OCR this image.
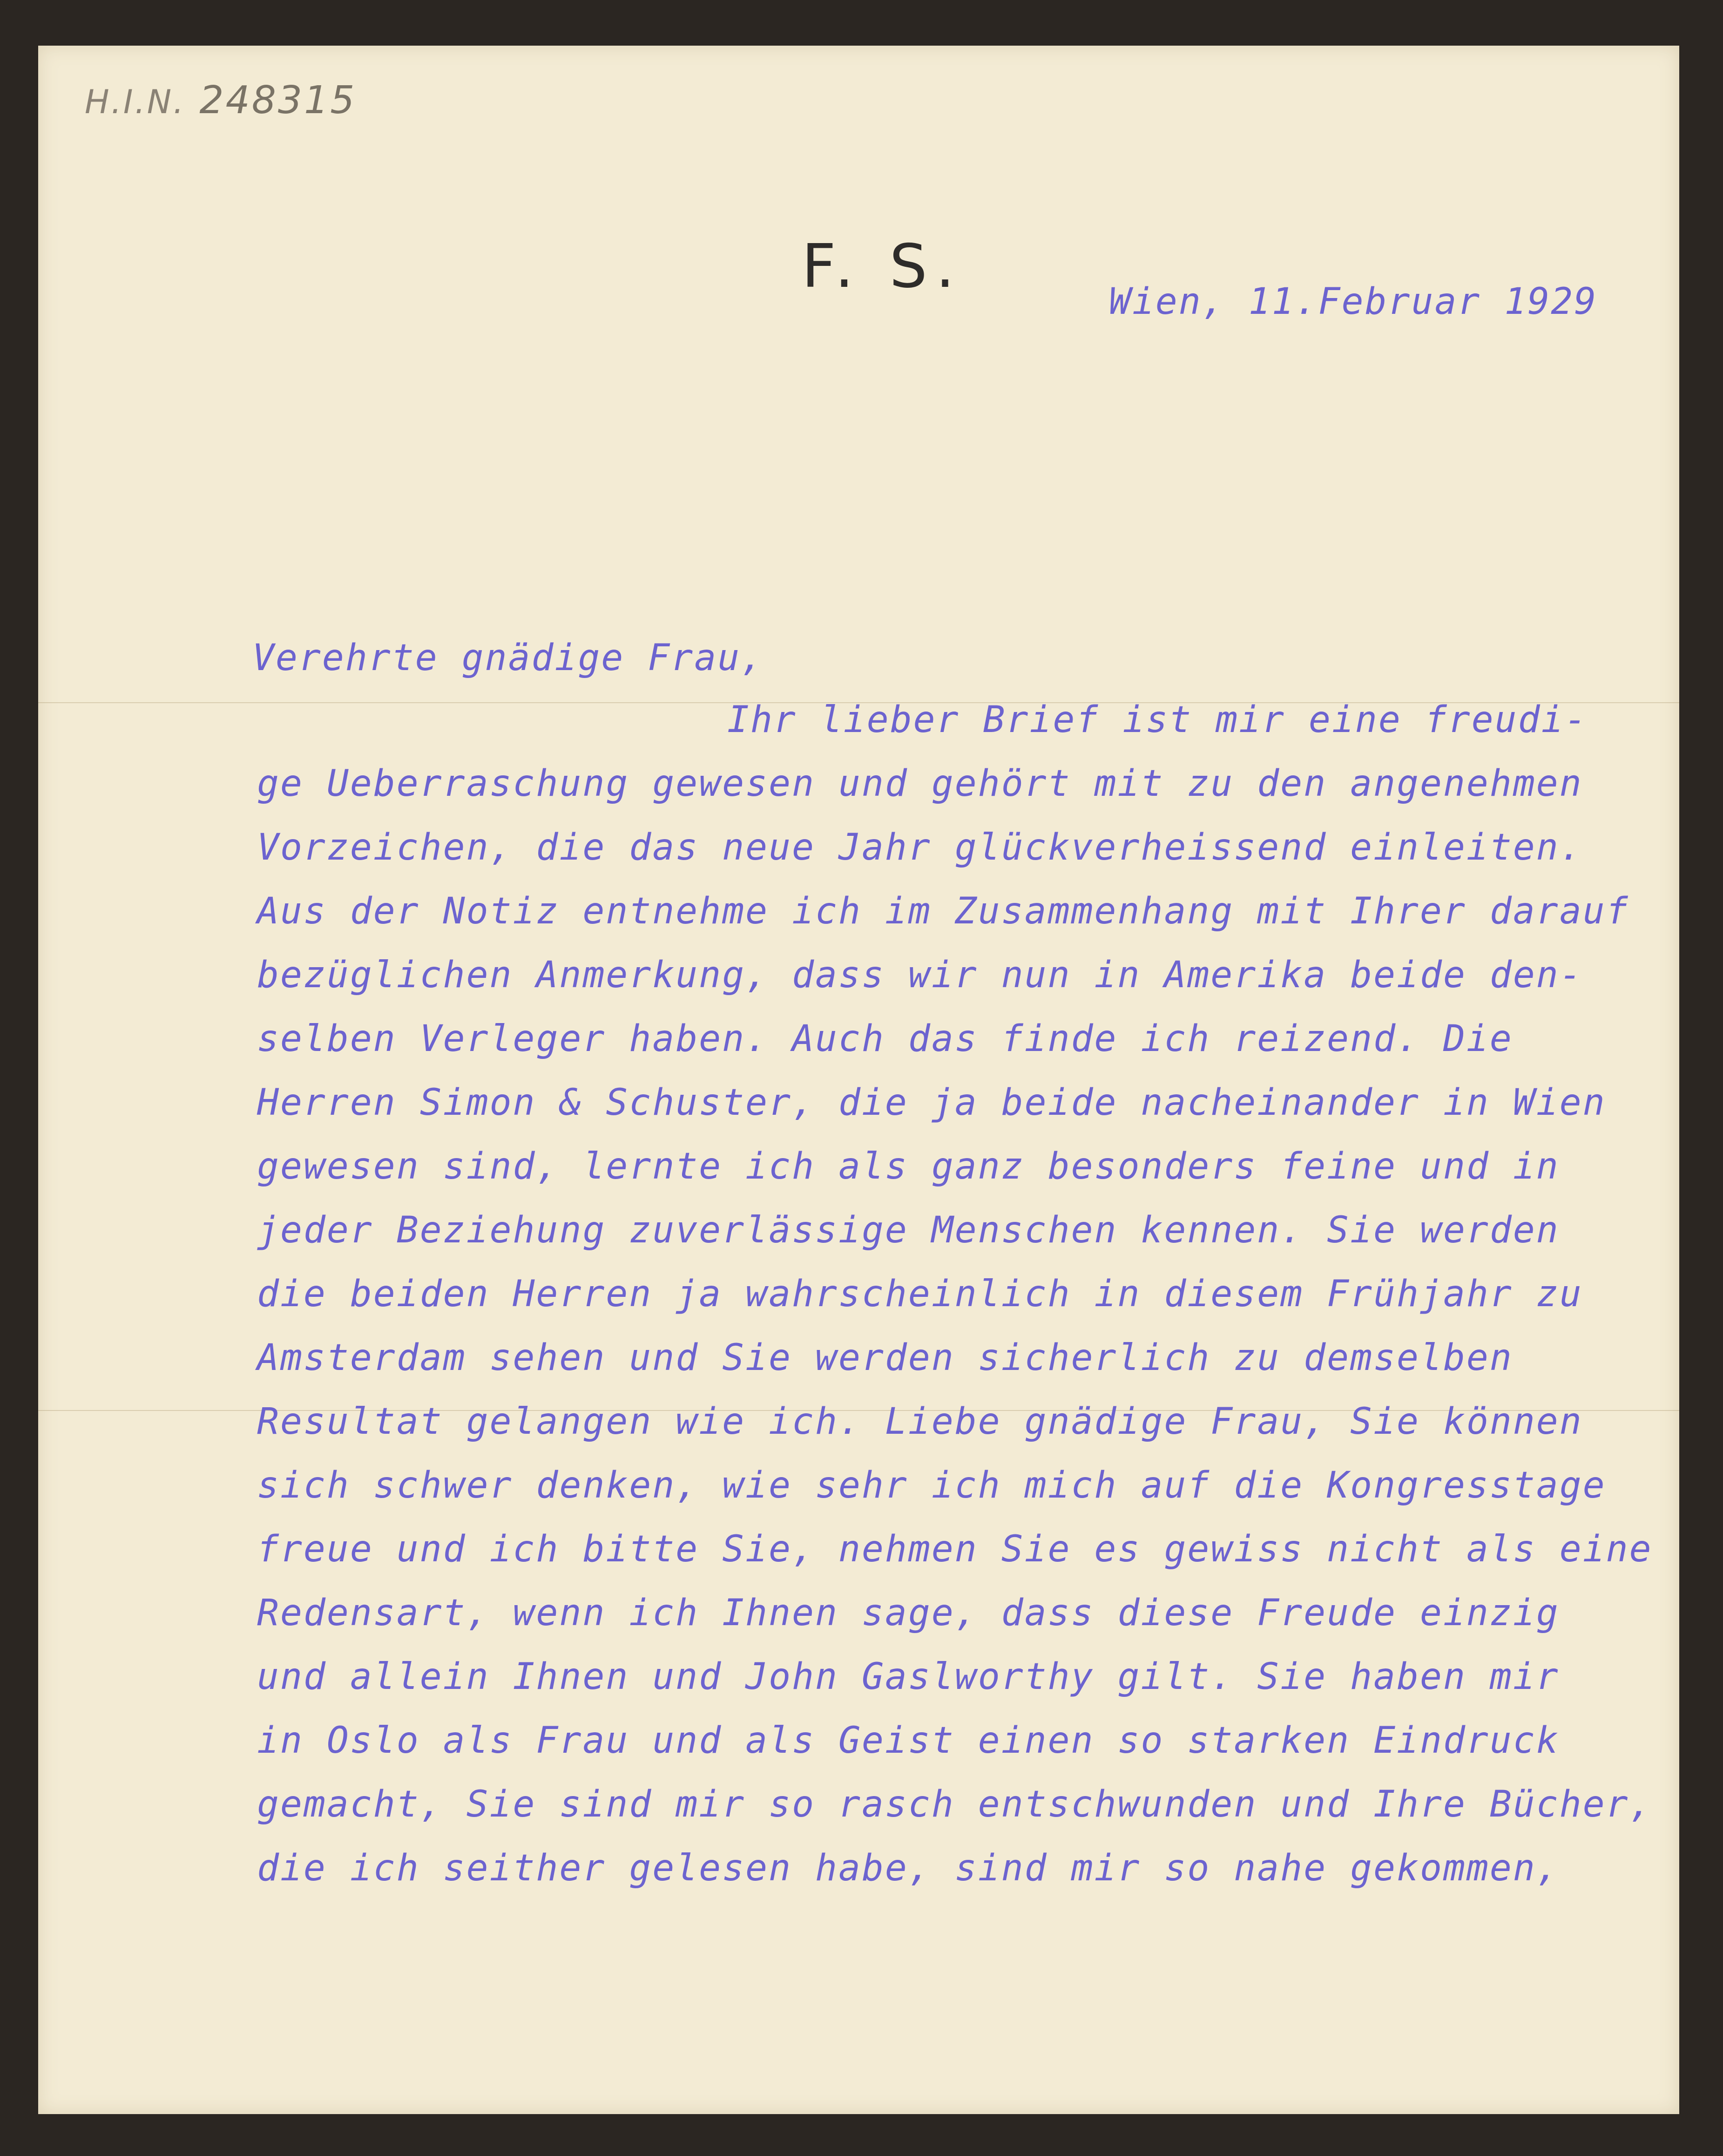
H.I.N. 248315
F. S.
Wien, 11.Februar 1929
Verehrte gnädige Frau,
Ihr lieber Brief ist mir eine freudi-
ge Ueberraschung gewesen und gehört mit zu den angenehmen
Vorzeichen, die das neue Jahr glückverheissend einleiten.
Aus der Notiz entnehme ich im Zusammenhang mit Ihrer darauf
bezüglichen Anmerkung, dass wir nun in Amerika beide den-
selben Verleger haben. Auch das finde ich reizend. Die
Herren Simon & Schuster, die ja beide nacheinander in Wien
gewesen sind, lernte ich als ganz besonders feine und in
jeder Beziehung zuverlässige Menschen kennen. Sie werden
die beiden Herren ja wahrscheinlich in diesem Frühjahr zu
Amsterdam sehen und Sie werden sicherlich zu demselben
Resultat gelangen wie ich. Liebe gnädige Frau, Sie können
sich schwer denken, wie sehr ich mich auf die Kongresstage
freue und ich bitte Sie, nehmen Sie es gewiss nicht als eine
Redensart, wenn ich Ihnen sage, dass diese Freude einzig
und allein Ihnen und John Gaslworthy gilt. Sie haben mir
in Oslo als Frau und als Geist einen so starken Eindruck
gemacht, Sie sind mir so rasch entschwunden und Ihre Bücher,
die ich seither gelesen habe, sind mir so nahe gekommen,
